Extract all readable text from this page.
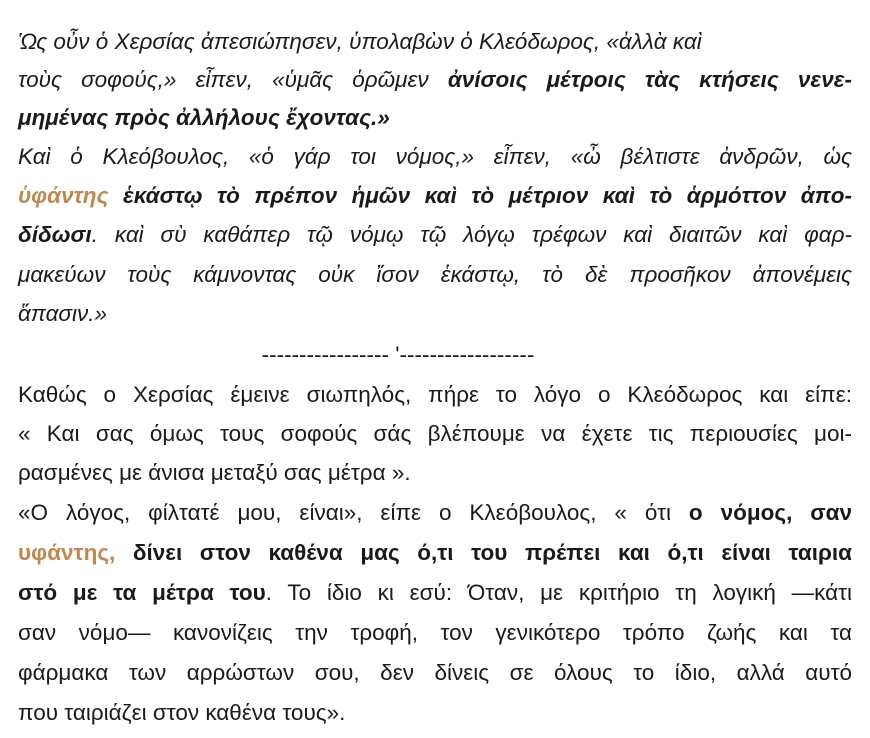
Ὡς οὖν ὁ Χερσίας ἀπεσιώπησεν, ὑπολαβὼν ὁ Κλεόδωρος, «ἀλλὰ καὶ
τοὺς σοφούς,» εἶπεν, «ὑμᾶς ὁρῶμεν ἀνίσοις μέτροις τὰς κτήσεις νενε-
μημένας πρὸς ἀλλήλους ἔχοντας.»
Καὶ ὁ Κλεόβουλος, «ὁ γάρ τοι νόμος,» εἶπεν, «ὦ βέλτιστε ἀνδρῶν, ὡς
ὑφάντης ἑκάστῳ τὸ πρέπον ἡμῶν καὶ τὸ μέτριον καὶ τὸ ἁρμόττον ἀπο-
δίδωσι. καὶ σὺ καθάπερ τῷ νόμῳ τῷ λόγῳ τρέφων καὶ διαιτῶν καὶ φαρ-
μακεύων τοὺς κάμνοντας οὐκ ἴσον ἑκάστῳ, τὸ δὲ προσῆκον ἀπονέμεις
ἅπασιν.»
----------------- '------------------
Καθώς ο Χερσίας έμεινε σιωπηλός, πήρε το λόγο ο Κλεόδωρος και είπε:
« Και σας όμως τους σοφούς σάς βλέπουμε να έχετε τις περιουσίες μοι-
ρασμένες με άνισα μεταξύ σας μέτρα ».
«Ο λόγος, φίλτατέ μου, είναι», είπε ο Κλεόβουλος, « ότι ο νόμος, σαν
υφάντης, δίνει στον καθένα μας ό,τι του πρέπει και ό,τι είναι ταιρια
στό με τα μέτρα του. Το ίδιο κι εσύ: Όταν, με κριτήριο τη λογική —κάτι
σαν νόμο— κανονίζεις την τροφή, τον γενικότερο τρόπο ζωής και τα
φάρμακα των αρρώστων σου, δεν δίνεις σε όλους το ίδιο, αλλά αυτό
που ταιριάζει στον καθένα τους».
